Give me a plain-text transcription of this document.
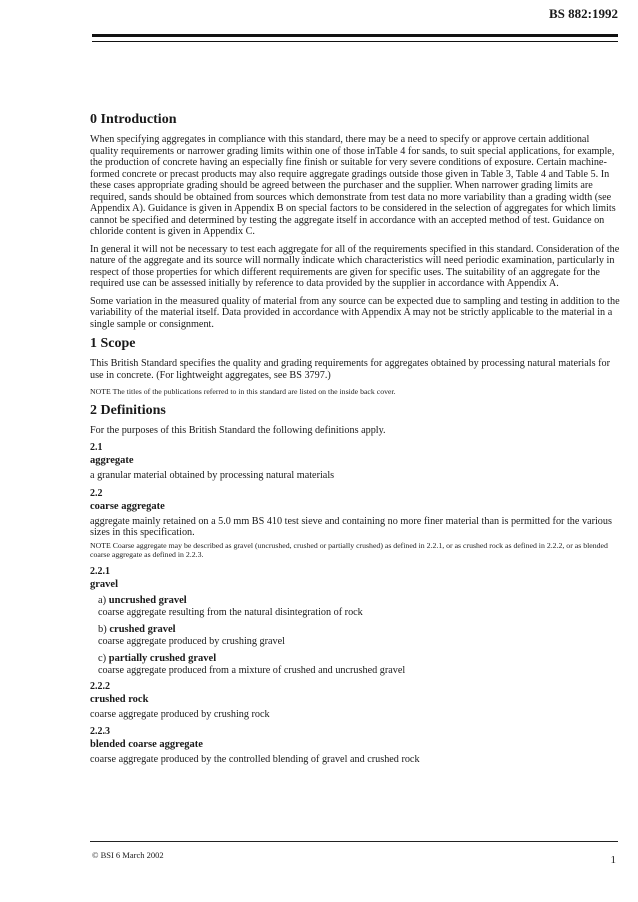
BS 882:1992
0 Introduction

When specifying aggregates in compliance with this standard, there may be a need to specify or approve certain additional quality requirements or narrower grading limits within one of those inTable 4 for sands, to suit special applications, for example, the production of concrete having an especially fine finish or suitable for very severe conditions of exposure. Certain machine-formed concrete or precast products may also require aggregate gradings outside those given in Table 3, Table 4 and Table 5. In these cases appropriate grading should be agreed between the purchaser and the supplier. When narrower grading limits are required, sands should be obtained from sources which demonstrate from test data no more variability than a grading width (see Appendix A). Guidance is given in Appendix B on special factors to be considered in the selection of aggregates for which limits cannot be specified and determined by testing the aggregate itself in accordance with an accepted method of test. Guidance on chloride content is given in Appendix C.

In general it will not be necessary to test each aggregate for all of the requirements specified in this standard. Consideration of the nature of the aggregate and its source will normally indicate which characteristics will need periodic examination, particularly in respect of those properties for which different requirements are given for specific uses. The suitability of an aggregate for the required use can be assessed initially by reference to data provided by the supplier in accordance with Appendix A.

Some variation in the measured quality of material from any source can be expected due to sampling and testing in addition to the variability of the material itself. Data provided in accordance with Appendix A may not be strictly applicable to the material in a single sample or consignment.

1 Scope

This British Standard specifies the quality and grading requirements for aggregates obtained by processing natural materials for use in concrete. (For lightweight aggregates, see BS 3797.)

NOTE The titles of the publications referred to in this standard are listed on the inside back cover.

2 Definitions

For the purposes of this British Standard the following definitions apply.

2.1
aggregate

a granular material obtained by processing natural materials

2.2
coarse aggregate

aggregate mainly retained on a 5.0 mm BS 410 test sieve and containing no more finer material than is permitted for the various sizes in this specification.

NOTE Coarse aggregate may be described as gravel (uncrushed, crushed or partially crushed) as defined in 2.2.1, or as crushed rock as defined in 2.2.2, or as blended coarse aggregate as defined in 2.2.3.

2.2.1
gravel

a) uncrushed gravel

coarse aggregate resulting from the natural disintegration of rock

b) crushed gravel

coarse aggregate produced by crushing gravel

c) partially crushed gravel

coarse aggregate produced from a mixture of crushed and uncrushed gravel

2.2.2
crushed rock

coarse aggregate produced by crushing rock

2.2.3
blended coarse aggregate

coarse aggregate produced by the controlled blending of gravel and crushed rock

© BSI 6 March 2002	1
